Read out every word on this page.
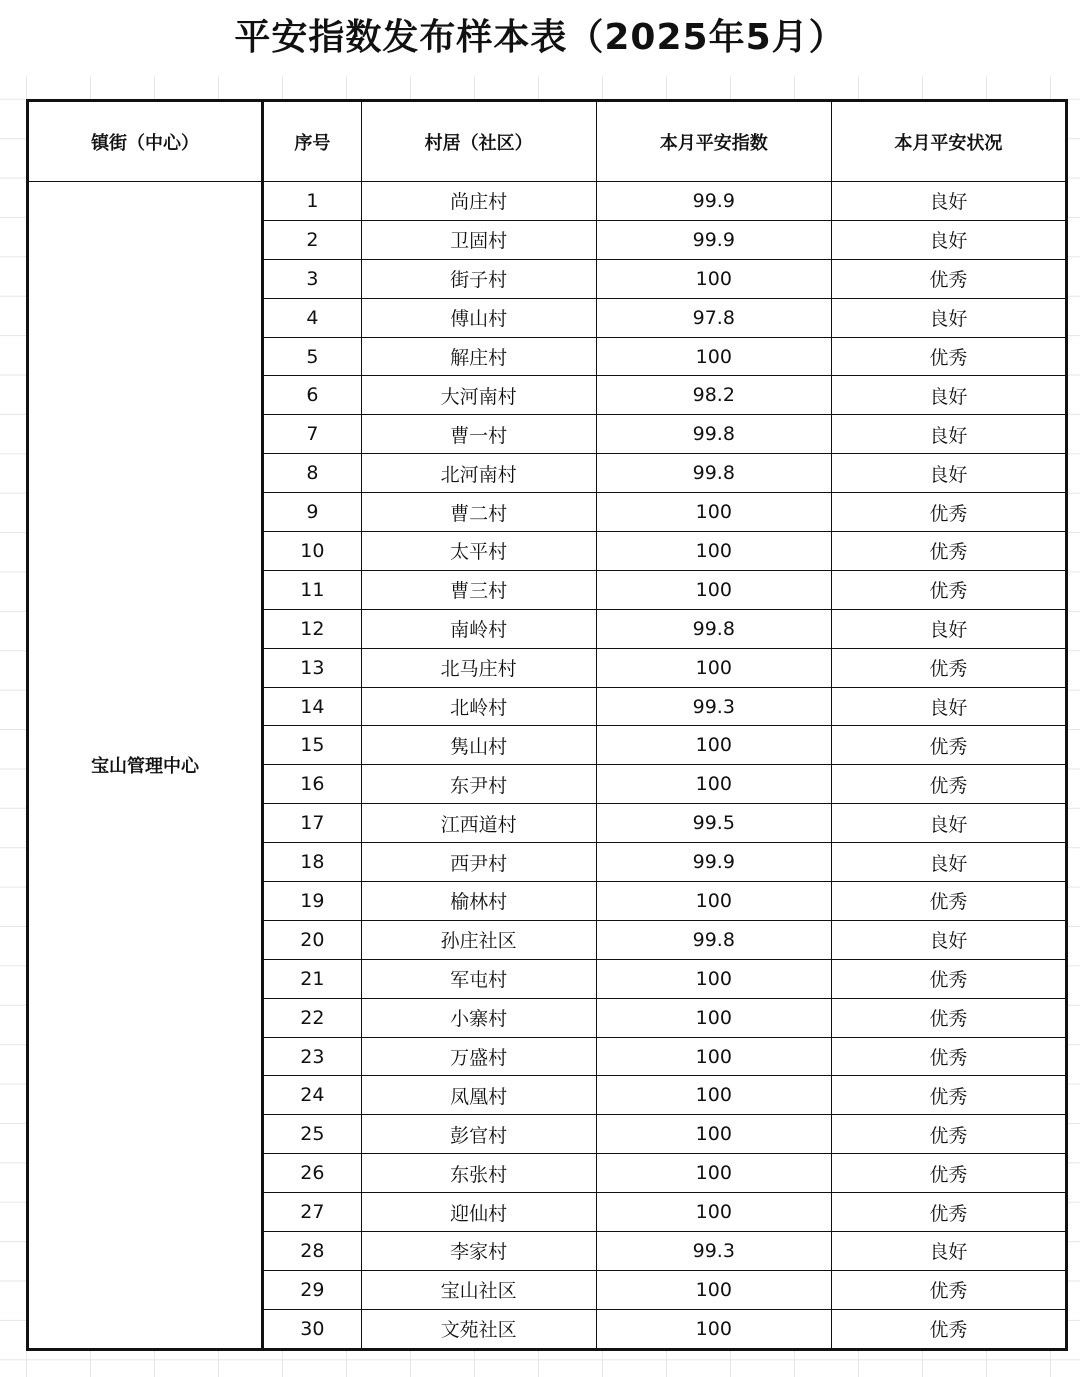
平安指数发布样本表（2025年5月）
镇街（中心）	序号	村居（社区）	本月平安指数	本月平安状况
宝山管理中心	1	尚庄村	99.9	良好
	2	卫固村	99.9	良好
	3	街子村	100	优秀
	4	傅山村	97.8	良好
	5	解庄村	100	优秀
	6	大河南村	98.2	良好
	7	曹一村	99.8	良好
	8	北河南村	99.8	良好
	9	曹二村	100	优秀
	10	太平村	100	优秀
	11	曹三村	100	优秀
	12	南岭村	99.8	良好
	13	北马庄村	100	优秀
	14	北岭村	99.3	良好
	15	隽山村	100	优秀
	16	东尹村	100	优秀
	17	江西道村	99.5	良好
	18	西尹村	99.9	良好
	19	榆林村	100	优秀
	20	孙庄社区	99.8	良好
	21	军屯村	100	优秀
	22	小寨村	100	优秀
	23	万盛村	100	优秀
	24	凤凰村	100	优秀
	25	彭官村	100	优秀
	26	东张村	100	优秀
	27	迎仙村	100	优秀
	28	李家村	99.3	良好
	29	宝山社区	100	优秀
	30	文苑社区	100	优秀
